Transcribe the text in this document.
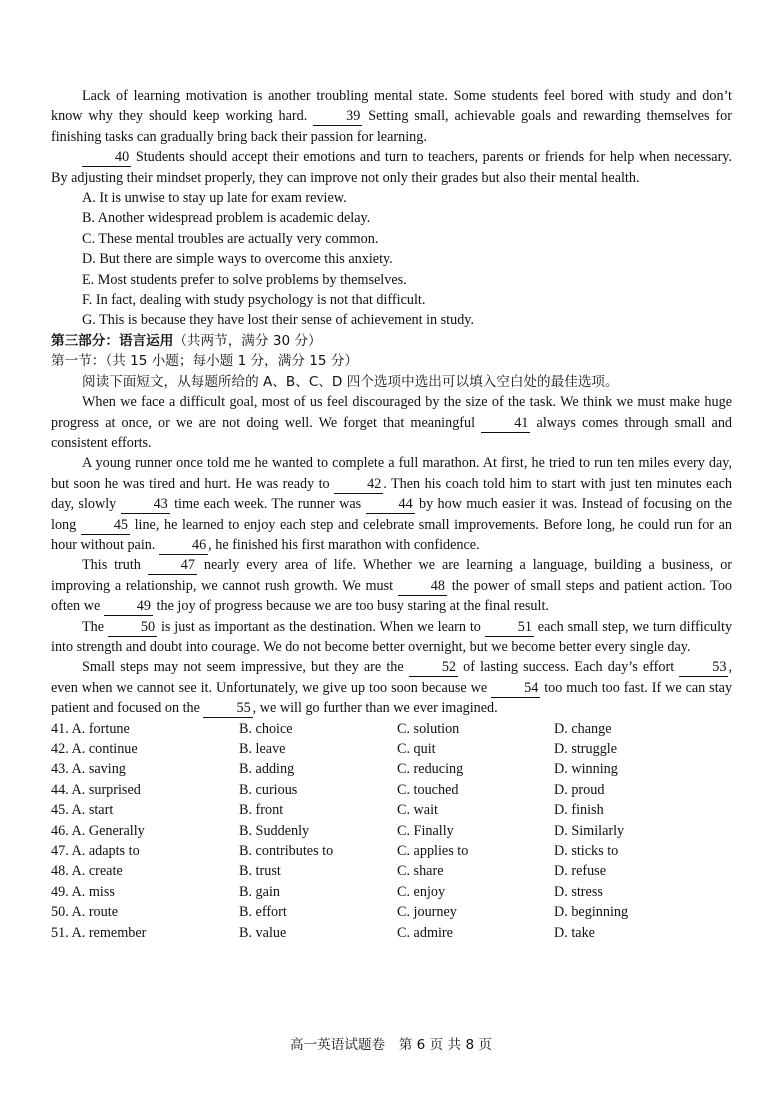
Lack of learning motivation is another troubling mental state. Some students feel bored with study and don’t know why they should keep working hard.	39 Setting small, achievable goals and rewarding themselves for finishing tasks can gradually bring back their passion for learning.

40 Students should accept their emotions and turn to teachers, parents or friends for help when necessary. By adjusting their mindset properly, they can improve not only their grades but also their mental health.

A. It is unwise to stay up late for exam review.
B. Another widespread problem is academic delay.
C. These mental troubles are actually very common.
D. But there are simple ways to overcome this anxiety.
E. Most students prefer to solve problems by themselves.
F. In fact, dealing with study psychology is not that difficult.
G. This is because they have lost their sense of achievement in study.
第三部分：语言运用（共两节，满分 30 分）
第一节：（共 15 小题；每小题 1 分，满分 15 分）
阅读下面短文，从每题所给的 A、B、C、D 四个选项中选出可以填入空白处的最佳选项。

When we face a difficult goal, most of us feel discouraged by the size of the task. We think we must make huge progress at once, or we are not doing well. We forget that meaningful	41 always comes through small and consistent efforts.

A young runner once told me he wanted to complete a full marathon. At first, he tried to run ten miles every day, but soon he was tired and hurt. He was ready to	42 . Then his coach told him to start with just ten minutes each day, slowly	43 time each week. The runner was	44 by how much easier it was. Instead of focusing on the long	45 line, he learned to enjoy each step and celebrate small improvements. Before long, he could run for an hour without pain.	46 , he finished his first marathon with confidence.

This truth	47 nearly every area of life. Whether we are learning a language, building a business, or improving a relationship, we cannot rush growth. We must	48 the power of small steps and patient action. Too often we	49 the joy of progress because we are too busy staring at the final result.

The	50 is just as important as the destination. When we learn to	51 each small step, we turn difficulty into strength and doubt into courage. We do not become better overnight, but we become better every single day.

Small steps may not seem impressive, but they are the	52 of lasting success. Each day’s effort	53 , even when we cannot see it. Unfortunately, we give up too soon because we	54 too much too fast. If we can stay patient and focused on the	55 , we will go further than we ever imagined.

41. A. fortune	B. choice	C. solution	D. change
42. A. continue	B. leave	C. quit	D. struggle
43. A. saving	B. adding	C. reducing	D. winning
44. A. surprised	B. curious	C. touched	D. proud
45. A. start	B. front	C. wait	D. finish
46. A. Generally	B. Suddenly	C. Finally	D. Similarly
47. A. adapts to	B. contributes to	C. applies to	D. sticks to
48. A. create	B. trust	C. share	D. refuse
49. A. miss	B. gain	C. enjoy	D. stress
50. A. route	B. effort	C. journey	D. beginning
51. A. remember	B. value	C. admire	D. take
高一英语试题卷　第 6 页 共 8 页
